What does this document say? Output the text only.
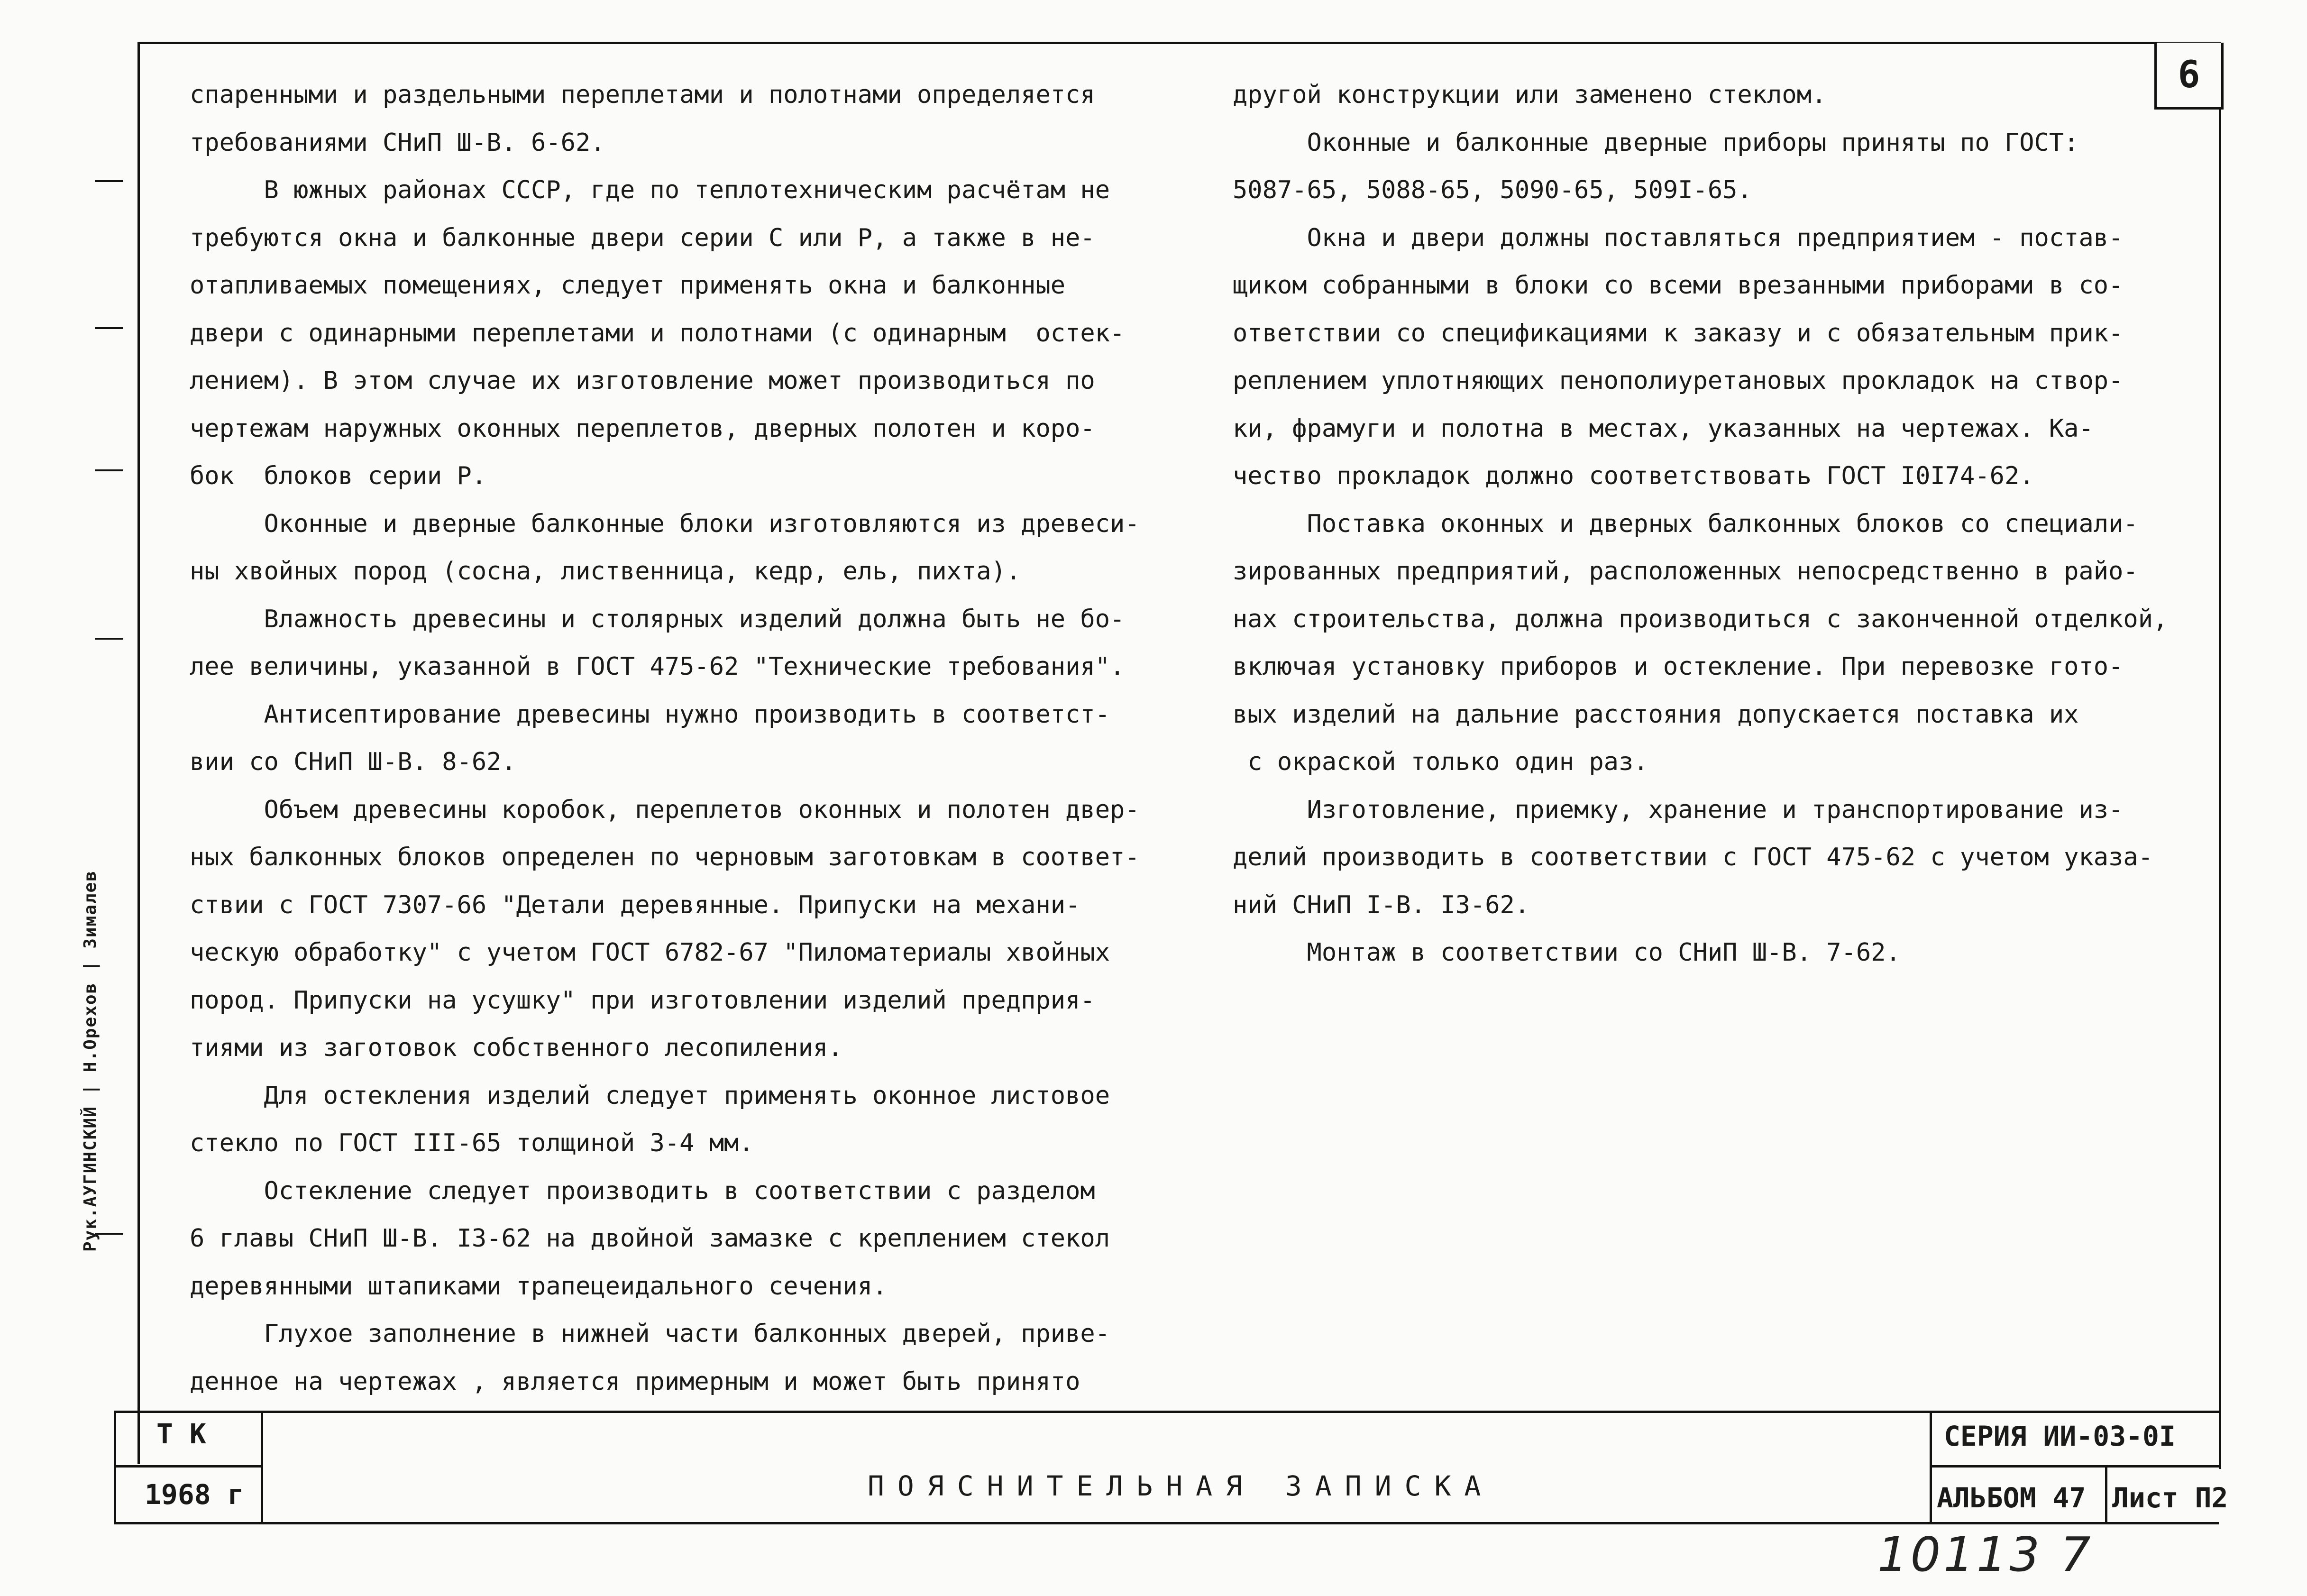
6
спаренными и раздельными переплетами и полотнами определяется
требованиями СНиП Ш-В. 6-62.
В южных районах СССР, где по теплотехническим расчётам не
требуются окна и балконные двери серии С или Р, а также в не-
отапливаемых помещениях, следует применять окна и балконные
двери с одинарными переплетами и полотнами (с одинарным  остек-
лением). В этом случае их изготовление может производиться по
чертежам наружных оконных переплетов, дверных полотен и коро-
бок  блоков серии Р.
Оконные и дверные балконные блоки изготовляются из древеси-
ны хвойных пород (сосна, лиственница, кедр, ель, пихта).
Влажность древесины и столярных изделий должна быть не бо-
лее величины, указанной в ГОСТ 475-62 "Технические требования".
Антисептирование древесины нужно производить в соответст-
вии со СНиП Ш-В. 8-62.
Объем древесины коробок, переплетов оконных и полотен двер-
ных балконных блоков определен по черновым заготовкам в соответ-
ствии с ГОСТ 7307-66 "Детали деревянные. Припуски на механи-
ческую обработку" с учетом ГОСТ 6782-67 "Пиломатериалы хвойных
пород. Припуски на усушку" при изготовлении изделий предприя-
тиями из заготовок собственного лесопиления.
Для остекления изделий следует применять оконное листовое
стекло по ГОСТ III-65 толщиной 3-4 мм.
Остекление следует производить в соответствии с разделом
6 главы СНиП Ш-В. I3-62 на двойной замазке с креплением стекол
деревянными штапиками трапецеидального сечения.
Глухое заполнение в нижней части балконных дверей, приве-
денное на чертежах , является примерным и может быть принято
другой конструкции или заменено стеклом.
Оконные и балконные дверные приборы приняты по ГОСТ:
5087-65, 5088-65, 5090-65, 509I-65.
Окна и двери должны поставляться предприятием - постав-
щиком собранными в блоки со всеми врезанными приборами в со-
ответствии со спецификациями к заказу и с обязательным прик-
реплением уплотняющих пенополиуретановых прокладок на створ-
ки, фрамуги и полотна в местах, указанных на чертежах. Ка-
чество прокладок должно соответствовать ГОСТ I0I74-62.
Поставка оконных и дверных балконных блоков со специали-
зированных предприятий, расположенных непосредственно в райо-
нах строительства, должна производиться с законченной отделкой,
включая установку приборов и остекление. При перевозке гото-
вых изделий на дальние расстояния допускается поставка их
с окраской только один раз.
Изготовление, приемку, хранение и транспортирование из-
делий производить в соответствии с ГОСТ 475-62 с учетом указа-
ний СНиП I-В. I3-62.
Монтаж в соответствии со СНиП Ш-В. 7-62.
Рук.АУГИНСКИЙ | Н.Орехов | Зималев
Т К
1968 г	ПОЯСНИТЕЛЬНАЯ ЗАПИСКА
СЕРИЯ ИИ-03-0I
АЛЬБОМ 47 Лист П2
10113 7
